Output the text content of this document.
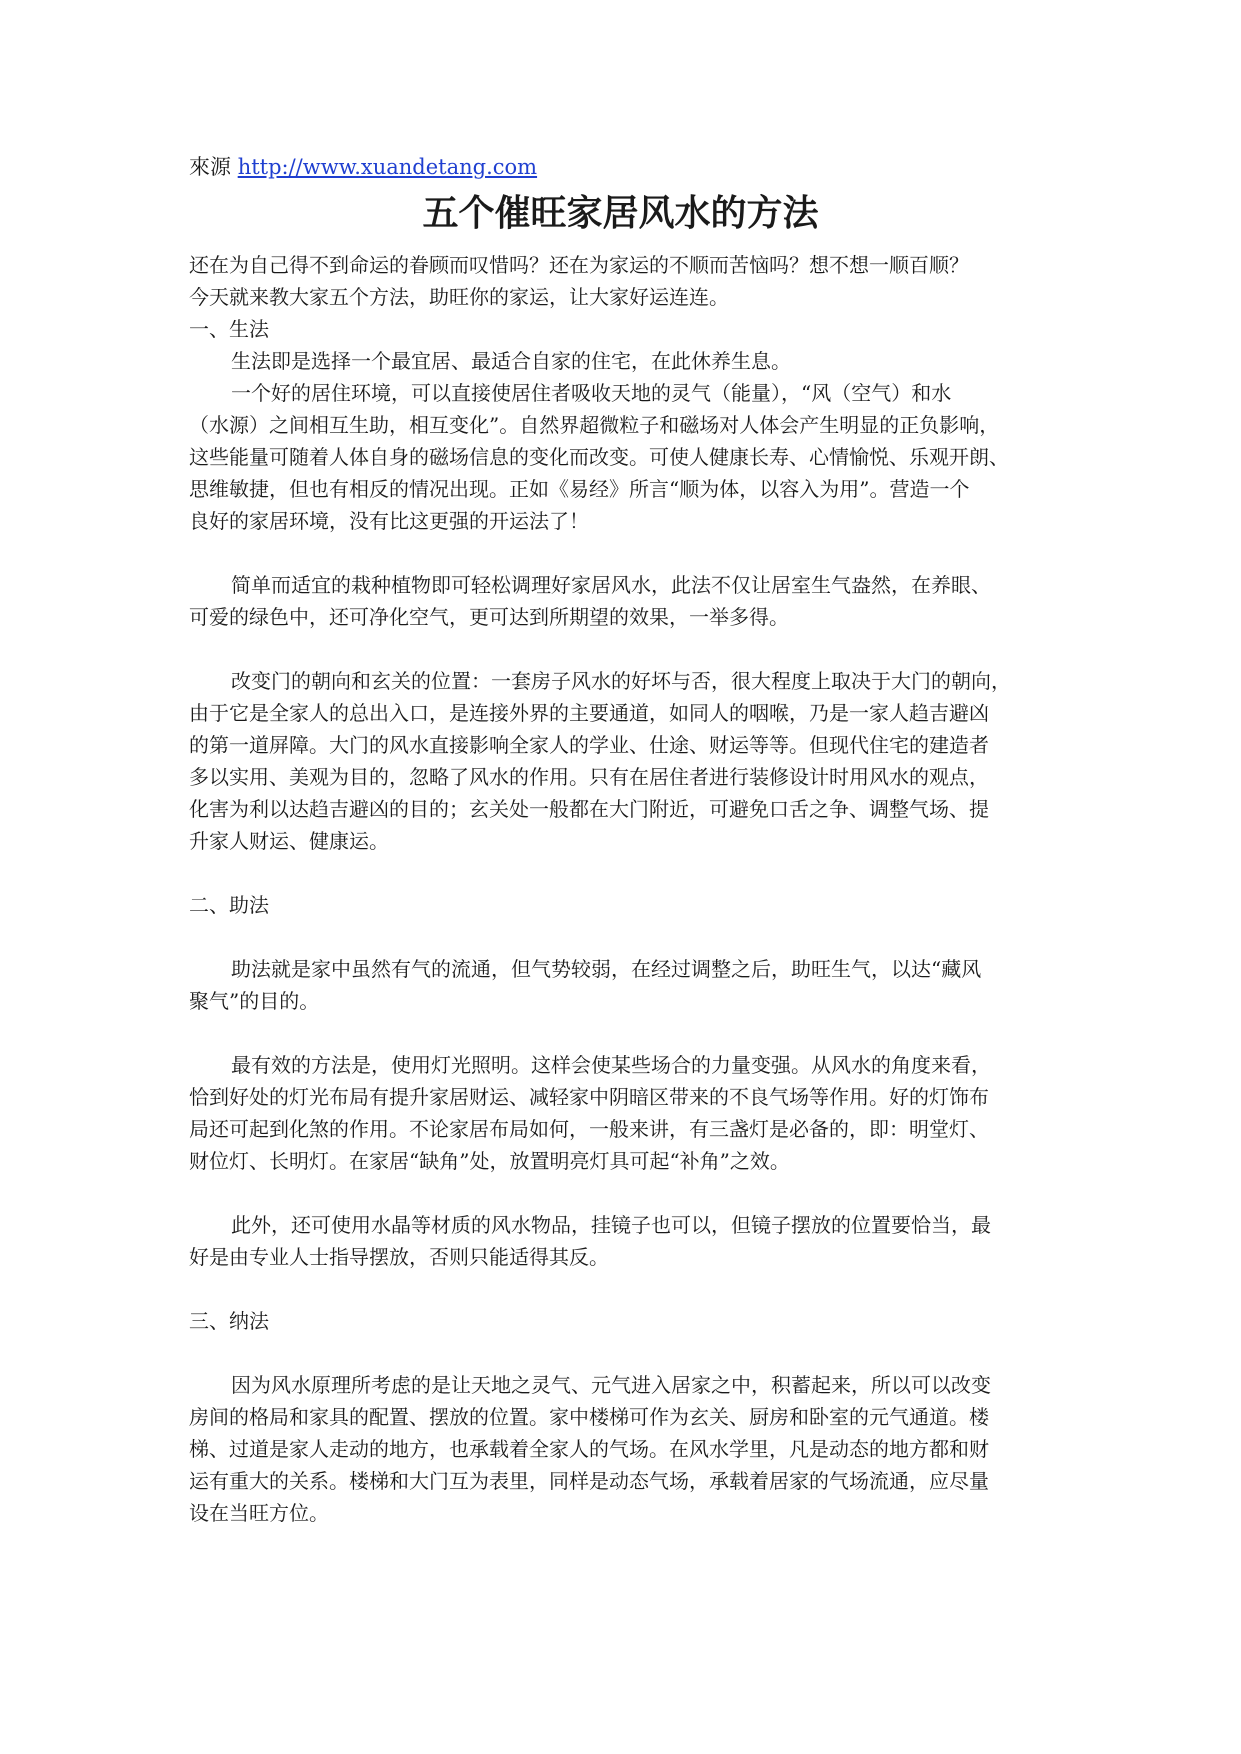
來源 http://www.xuandetang.com
五个催旺家居风水的方法
还在为自己得不到命运的眷顾而叹惜吗？还在为家运的不顺而苦恼吗？想不想一顺百顺？
今天就来教大家五个方法，助旺你的家运，让大家好运连连。
一、生法
生法即是选择一个最宜居、最适合自家的住宅，在此休养生息。
一个好的居住环境，可以直接使居住者吸收天地的灵气（能量），“风（空气）和水
（水源）之间相互生助，相互变化”。自然界超微粒子和磁场对人体会产生明显的正负影响，
这些能量可随着人体自身的磁场信息的变化而改变。可使人健康长寿、心情愉悦、乐观开朗、
思维敏捷，但也有相反的情况出现。正如《易经》所言“顺为体，以容入为用”。营造一个
良好的家居环境，没有比这更强的开运法了！
简单而适宜的栽种植物即可轻松调理好家居风水，此法不仅让居室生气盎然，在养眼、
可爱的绿色中，还可净化空气，更可达到所期望的效果，一举多得。
改变门的朝向和玄关的位置：一套房子风水的好坏与否，很大程度上取决于大门的朝向，
由于它是全家人的总出入口，是连接外界的主要通道，如同人的咽喉，乃是一家人趋吉避凶
的第一道屏障。大门的风水直接影响全家人的学业、仕途、财运等等。但现代住宅的建造者
多以实用、美观为目的，忽略了风水的作用。只有在居住者进行装修设计时用风水的观点，
化害为利以达趋吉避凶的目的；玄关处一般都在大门附近，可避免口舌之争、调整气场、提
升家人财运、健康运。
二、助法
助法就是家中虽然有气的流通，但气势较弱，在经过调整之后，助旺生气，以达“藏风
聚气”的目的。
最有效的方法是，使用灯光照明。这样会使某些场合的力量变强。从风水的角度来看，
恰到好处的灯光布局有提升家居财运、减轻家中阴暗区带来的不良气场等作用。好的灯饰布
局还可起到化煞的作用。不论家居布局如何，一般来讲，有三盏灯是必备的，即：明堂灯、
财位灯、长明灯。在家居“缺角”处，放置明亮灯具可起“补角”之效。
此外，还可使用水晶等材质的风水物品，挂镜子也可以，但镜子摆放的位置要恰当，最
好是由专业人士指导摆放，否则只能适得其反。
三、纳法
因为风水原理所考虑的是让天地之灵气、元气进入居家之中，积蓄起来，所以可以改变
房间的格局和家具的配置、摆放的位置。家中楼梯可作为玄关、厨房和卧室的元气通道。楼
梯、过道是家人走动的地方，也承载着全家人的气场。在风水学里，凡是动态的地方都和财
运有重大的关系。楼梯和大门互为表里，同样是动态气场，承载着居家的气场流通，应尽量
设在当旺方位。
